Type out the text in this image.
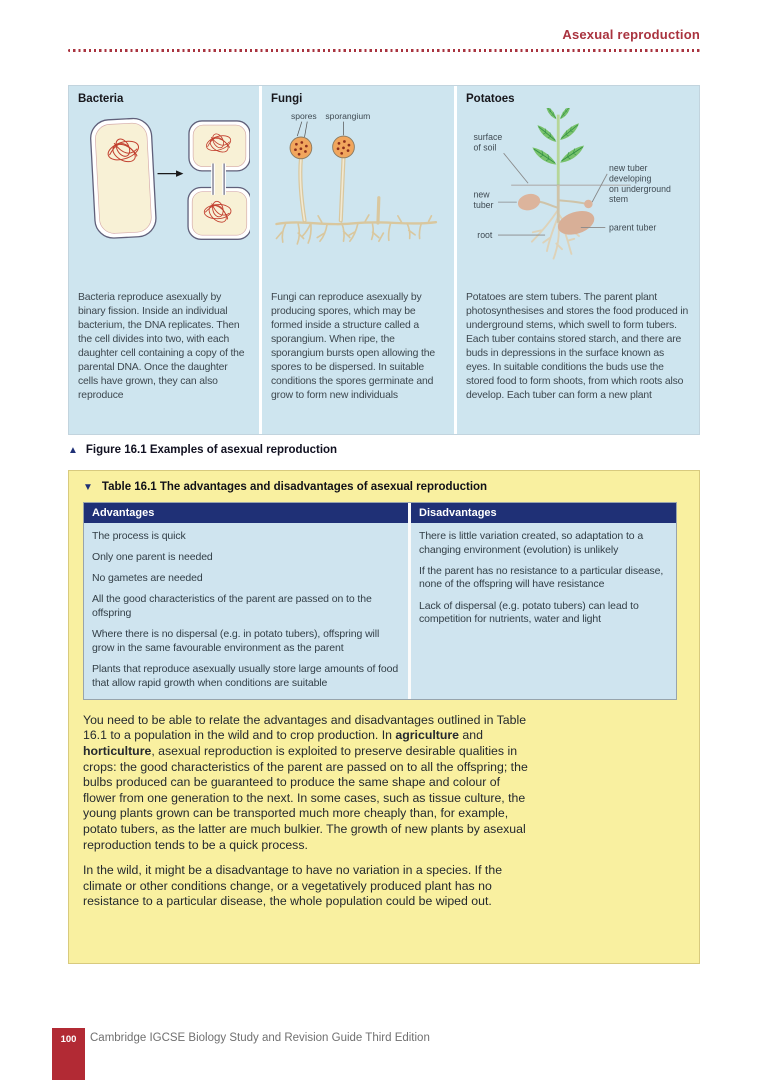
Asexual reproduction
Bacteria

Bacteria reproduce asexually by binary fission. Inside an individual bacterium, the DNA replicates. Then the cell divides into two, with each daughter cell containing a copy of the parental DNA. Once the daughter cells have grown, they can also reproduce

Fungi
spores sporangium

Fungi can reproduce asexually by producing spores, which may be formed inside a structure called a sporangium. When ripe, the sporangium bursts open allowing the spores to be dispersed. In suitable conditions the spores germinate and grow to form new individuals

Potatoes
surface
of soil
new
tuber
root
new tuber
developing
on underground
stem
parent tuber

Potatoes are stem tubers. The parent plant photosynthesises and stores the food produced in underground stems, which swell to form tubers. Each tuber contains stored starch, and there are buds in depressions in the surface known as eyes. In suitable conditions the buds use the stored food to form shoots, from which roots also develop. Each tuber can form a new plant

▲ Figure 16.1 Examples of asexual reproduction
▼ Table 16.1 The advantages and disadvantages of asexual reproduction
Advantages
The process is quick
Only one parent is needed
No gametes are needed
All the good characteristics of the parent are passed on to the offspring
Where there is no dispersal (e.g. in potato tubers), offspring will grow in the same favourable environment as the parent
Plants that reproduce asexually usually store large amounts of food that allow rapid growth when conditions are suitable
Disadvantages
There is little variation created, so adaptation to a changing environment (evolution) is unlikely
If the parent has no resistance to a particular disease, none of the offspring will have resistance
Lack of dispersal (e.g. potato tubers) can lead to competition for nutrients, water and light

You need to be able to relate the advantages and disadvantages outlined in Table 16.1 to a population in the wild and to crop production. In agriculture and horticulture, asexual reproduction is exploited to preserve desirable qualities in crops: the good characteristics of the parent are passed on to all the offspring; the bulbs produced can be guaranteed to produce the same shape and colour of flower from one generation to the next. In some cases, such as tissue culture, the young plants grown can be transported much more cheaply than, for example, potato tubers, as the latter are much bulkier. The growth of new plants by asexual reproduction tends to be a quick process.

In the wild, it might be a disadvantage to have no variation in a species. If the climate or other conditions change, or a vegetatively produced plant has no resistance to a particular disease, the whole population could be wiped out.

100	Cambridge IGCSE Biology Study and Revision Guide Third Edition
